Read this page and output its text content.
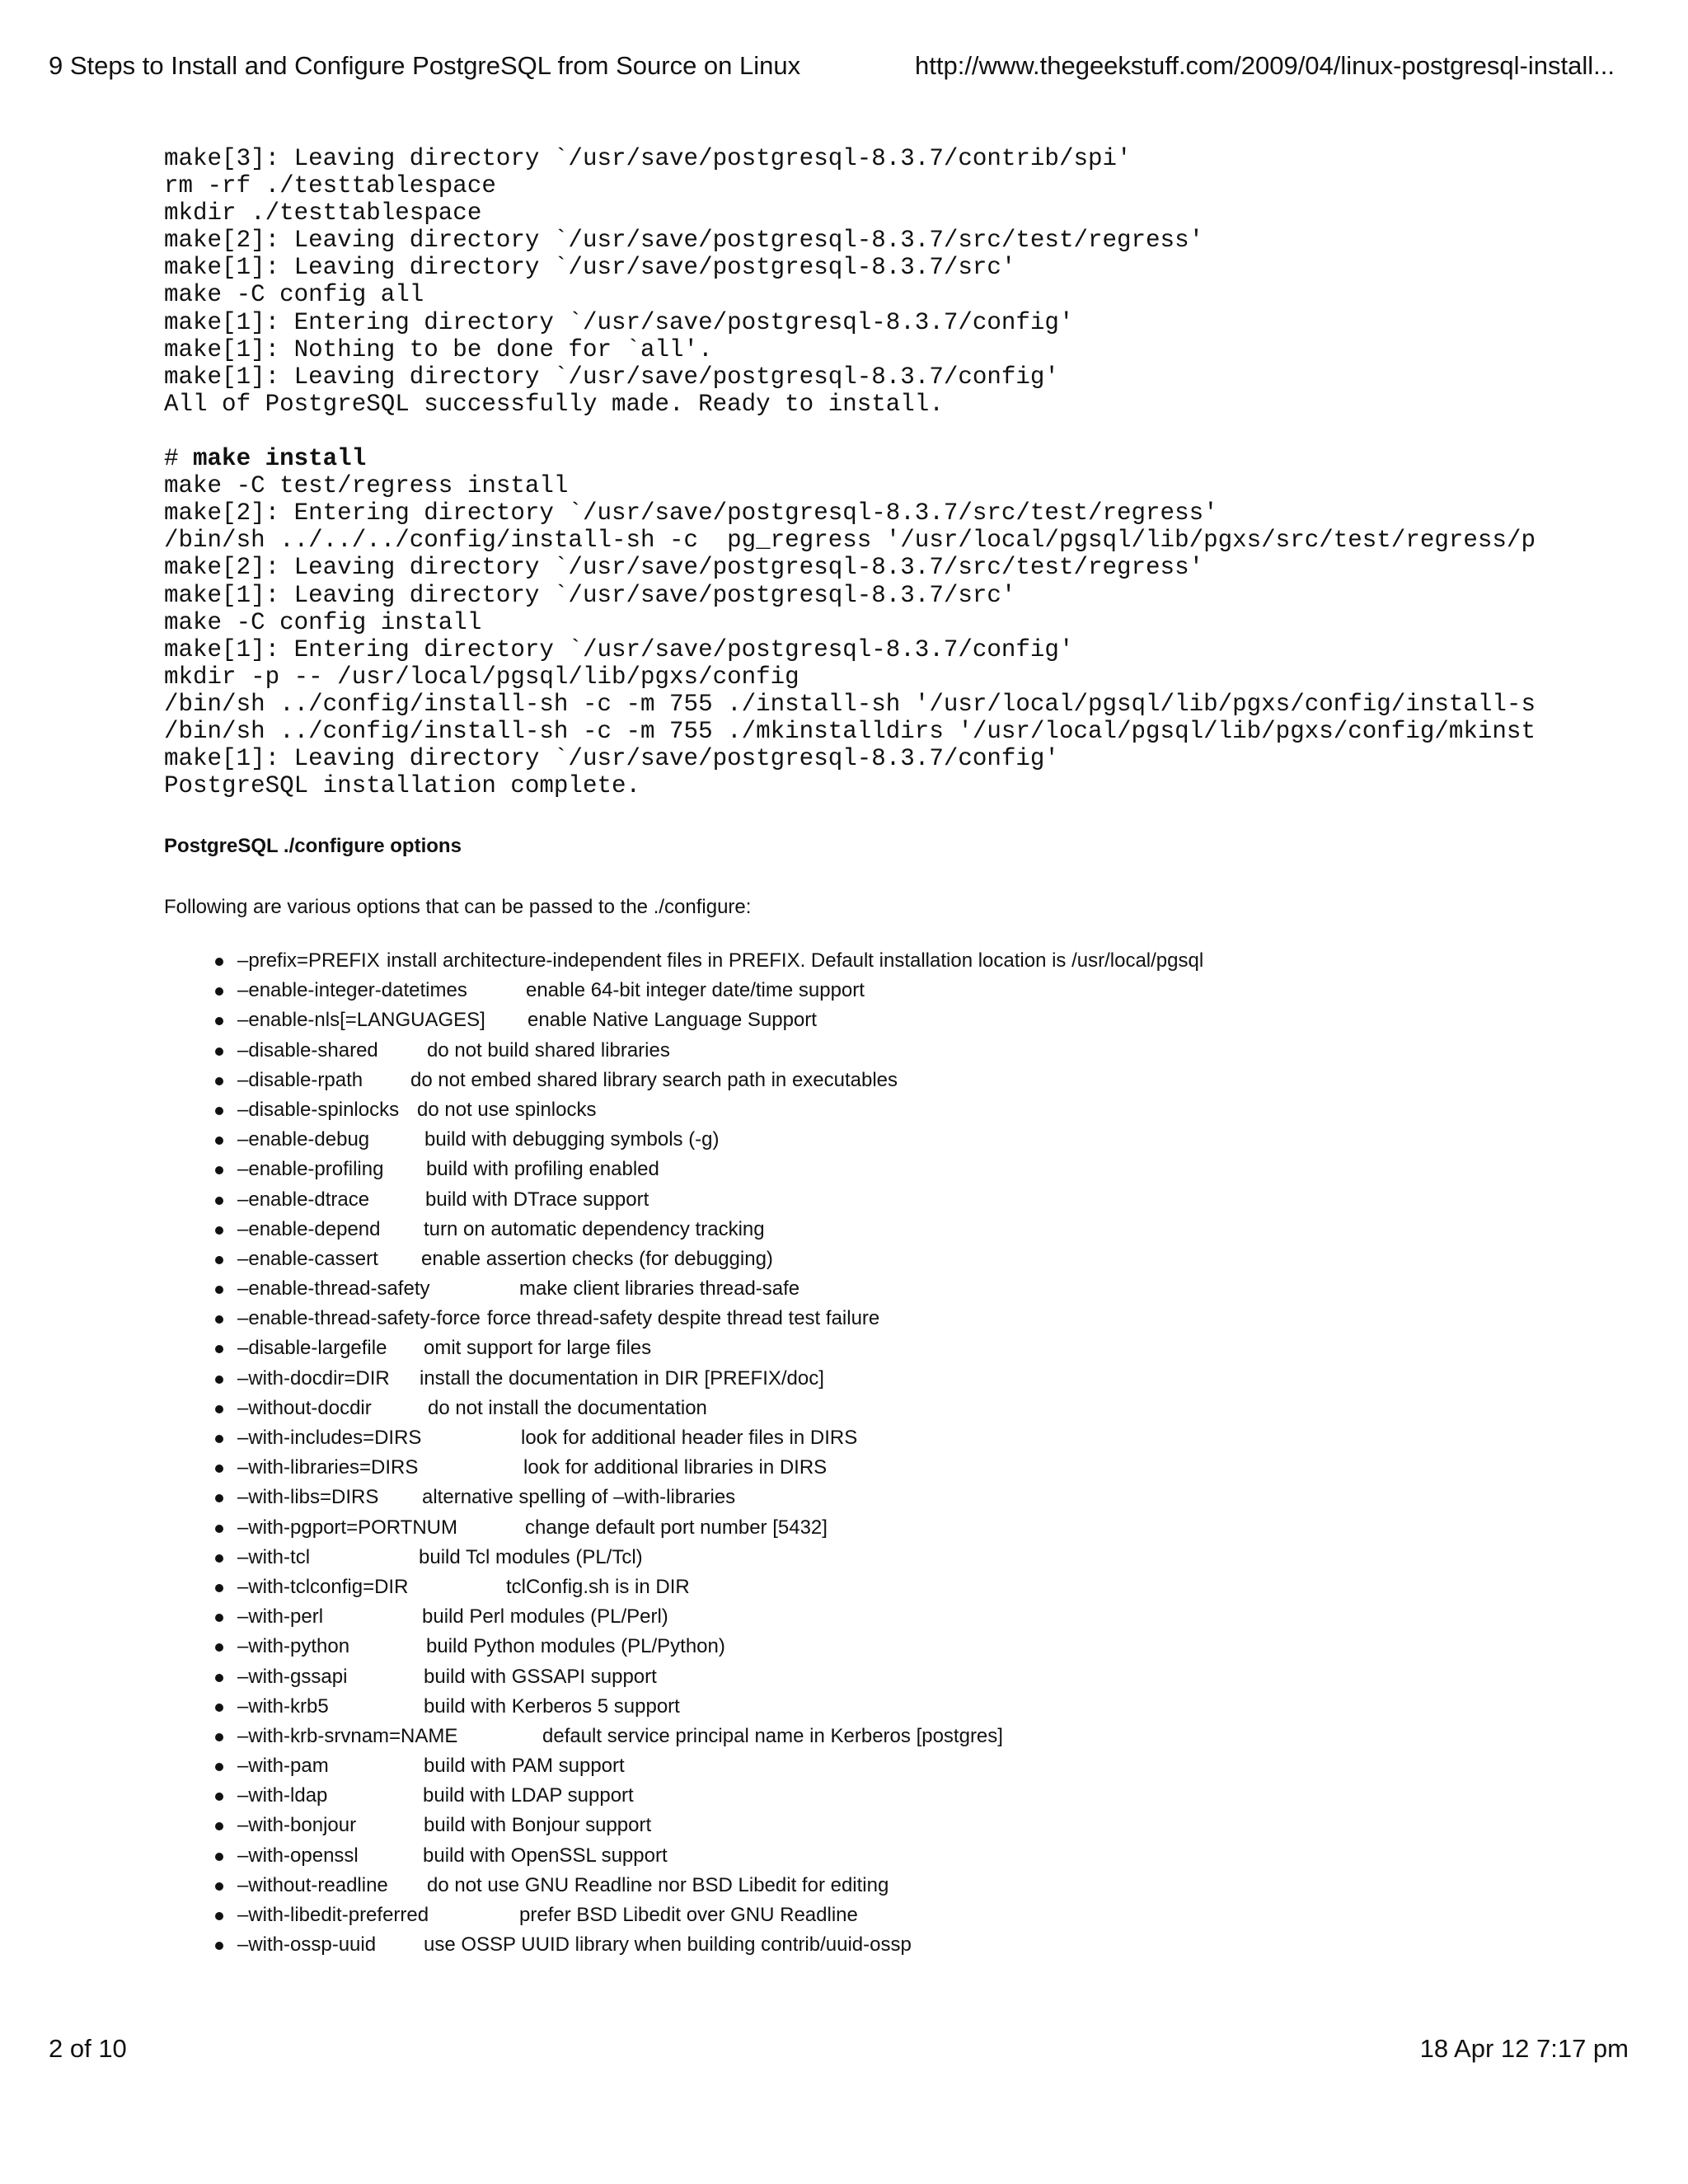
9 Steps to Install and Configure PostgreSQL from Source on Linux	http://www.thegeekstuff.com/2009/04/linux-postgresql-install...
make[3]: Leaving directory `/usr/save/postgresql-8.3.7/contrib/spi'
rm -rf ./testtablespace
mkdir ./testtablespace
make[2]: Leaving directory `/usr/save/postgresql-8.3.7/src/test/regress'
make[1]: Leaving directory `/usr/save/postgresql-8.3.7/src'
make -C config all
make[1]: Entering directory `/usr/save/postgresql-8.3.7/config'
make[1]: Nothing to be done for `all'.
make[1]: Leaving directory `/usr/save/postgresql-8.3.7/config'
All of PostgreSQL successfully made. Ready to install.
# make install
make -C test/regress install
make[2]: Entering directory `/usr/save/postgresql-8.3.7/src/test/regress'
/bin/sh ../../../config/install-sh -c  pg_regress '/usr/local/pgsql/lib/pgxs/src/test/regress/p
make[2]: Leaving directory `/usr/save/postgresql-8.3.7/src/test/regress'
make[1]: Leaving directory `/usr/save/postgresql-8.3.7/src'
make -C config install
make[1]: Entering directory `/usr/save/postgresql-8.3.7/config'
mkdir -p -- /usr/local/pgsql/lib/pgxs/config
/bin/sh ../config/install-sh -c -m 755 ./install-sh '/usr/local/pgsql/lib/pgxs/config/install-s
/bin/sh ../config/install-sh -c -m 755 ./mkinstalldirs '/usr/local/pgsql/lib/pgxs/config/mkinst
make[1]: Leaving directory `/usr/save/postgresql-8.3.7/config'
PostgreSQL installation complete.
PostgreSQL ./configure options
Following are various options that can be passed to the ./configure:
–prefix=PREFIX install architecture-independent files in PREFIX. Default installation location is /usr/local/pgsql
–enable-integer-datetimes	enable 64-bit integer date/time support
–enable-nls[=LANGUAGES] enable Native Language Support
–disable-shared do not build shared libraries
–disable-rpath do not embed shared library search path in executables
–disable-spinlocks do not use spinlocks
–enable-debug	build with debugging symbols (-g)
–enable-profiling build with profiling enabled
–enable-dtrace	build with DTrace support
–enable-depend turn on automatic dependency tracking
–enable-cassert enable assertion checks (for debugging)
–enable-thread-safety	make client libraries thread-safe
–enable-thread-safety-force force thread-safety despite thread test failure
–disable-largefile omit support for large files
–with-docdir=DIR install the documentation in DIR [PREFIX/doc]
–without-docdir	do not install the documentation
–with-includes=DIRS	look for additional header files in DIRS
–with-libraries=DIRS	look for additional libraries in DIRS
–with-libs=DIRS alternative spelling of –with-libraries
–with-pgport=PORTNUM	change default port number [5432]
–with-tcl	build Tcl modules (PL/Tcl)
–with-tclconfig=DIR	tclConfig.sh is in DIR
–with-perl	build Perl modules (PL/Perl)
–with-python	build Python modules (PL/Python)
–with-gssapi	build with GSSAPI support
–with-krb5	build with Kerberos 5 support
–with-krb-srvnam=NAME	default service principal name in Kerberos [postgres]
–with-pam	build with PAM support
–with-ldap	build with LDAP support
–with-bonjour	build with Bonjour support
–with-openssl	build with OpenSSL support
–without-readline do not use GNU Readline nor BSD Libedit for editing
–with-libedit-preferred	prefer BSD Libedit over GNU Readline
–with-ossp-uuid use OSSP UUID library when building contrib/uuid-ossp
2 of 10	18 Apr 12 7:17 pm
